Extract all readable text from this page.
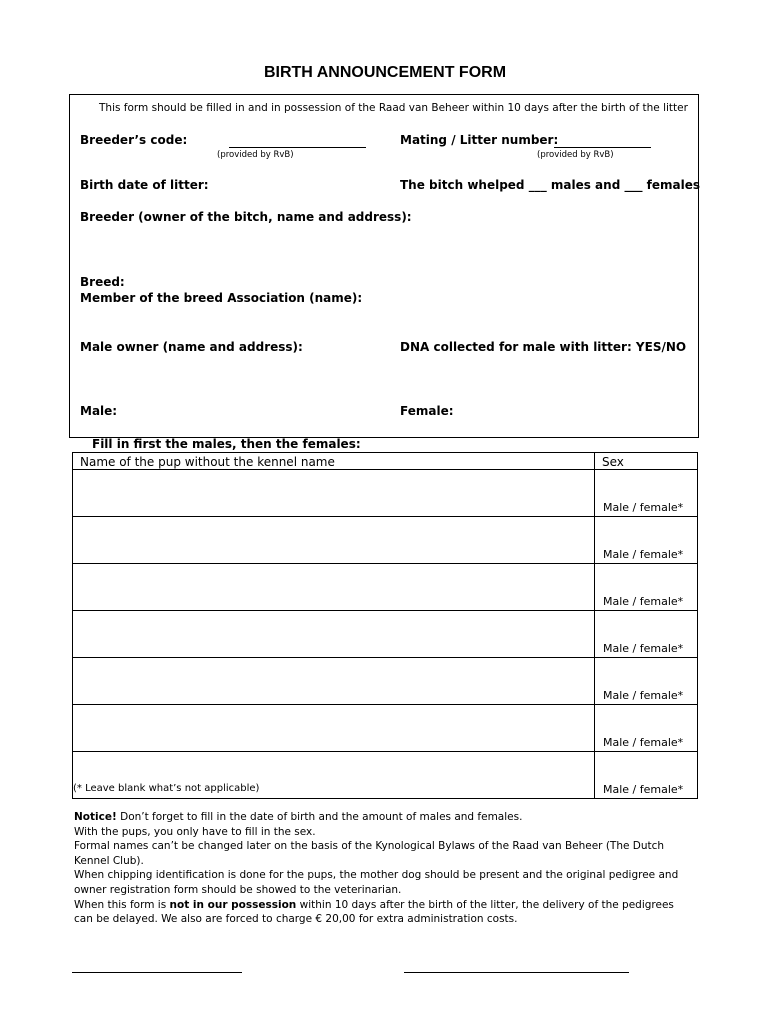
BIRTH ANNOUNCEMENT FORM
This form should be filled in and in possession of the Raad van Beheer within 10 days after the birth of the litter
Breeder’s code:
(provided by RvB)
Mating / Litter number:
(provided by RvB)
Birth date of litter:	The bitch whelped ___ males and ___ females
Breeder (owner of the bitch, name and address):
Breed:
Member of the breed Association (name):
Male owner (name and address):	DNA collected for male with litter: YES/NO
Male:	Female:
Fill in first the males, then the females:
Name of the pup without the kennel name	Sex
	Male / female*
	Male / female*
	Male / female*
	Male / female*
	Male / female*
	Male / female*
	Male / female*
(* Leave blank what’s not applicable)

Notice! Don’t forget to fill in the date of birth and the amount of males and females.

With the pups, you only have to fill in the sex.

Formal names can’t be changed later on the basis of the Kynological Bylaws of the Raad van Beheer (The Dutch Kennel Club).

When chipping identification is done for the pups, the mother dog should be present and the original pedigree and owner registration form should be showed to the veterinarian.

When this form is not in our possession within 10 days after the birth of the litter, the delivery of the pedigrees can be delayed. We also are forced to charge € 20,00 for extra administration costs.
